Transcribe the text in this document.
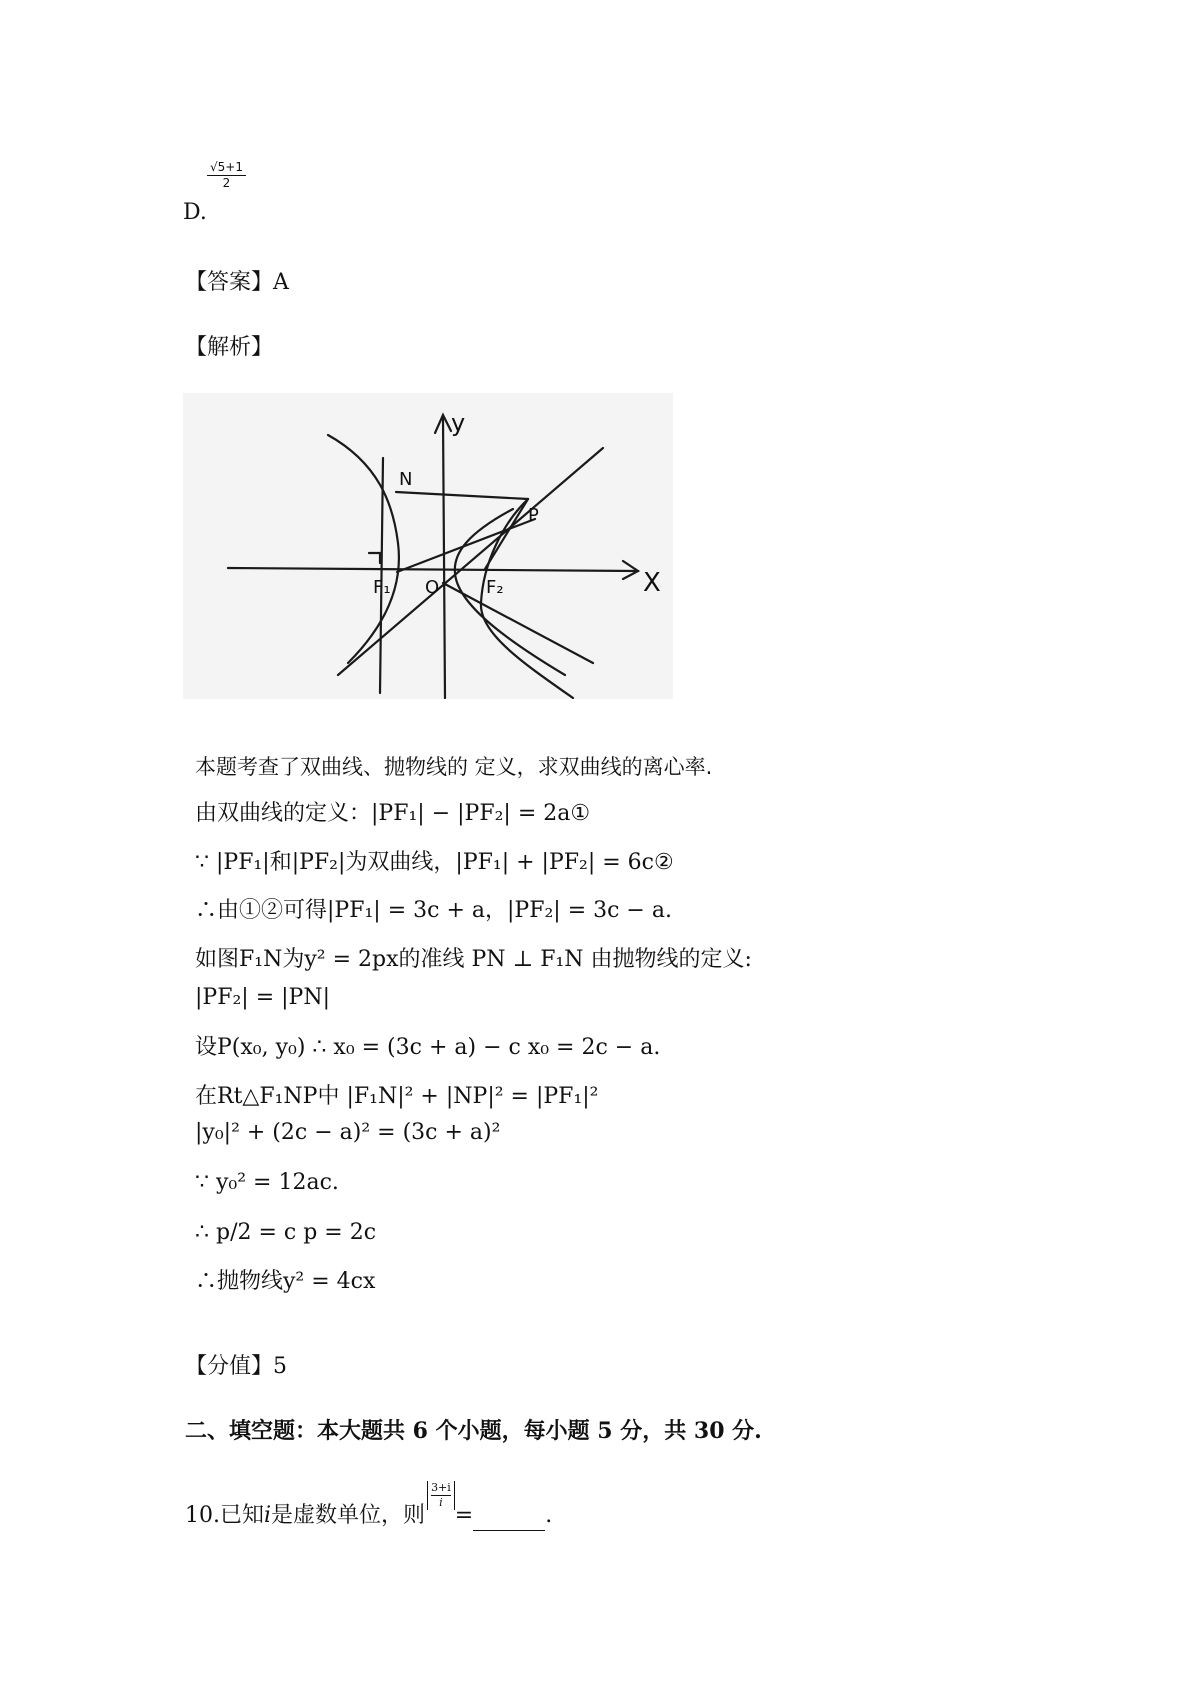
$\frac{√5+1}{2}$
D.
【答案】A
【解析】
N
P
F₁ O	F₂	X
y
本题考查了双曲线、抛物线的 定义，求双曲线的离心率.
由双曲线的定义：|PF₁| − |PF₂| = 2a①
∵ |PF₁|和|PF₂|为双曲线，|PF₁| + |PF₂| = 6c②
∴由①②可得|PF₁| = 3c + a，|PF₂| = 3c − a.
如图F₁N为y² = 2px的准线 PN ⊥ F₁N 由抛物线的定义:
|PF₂| = |PN|
设P(x₀, y₀) ∴ x₀ = (3c + a) − c x₀ = 2c − a.
在Rt△F₁NP中 |F₁N|² + |NP|² = |PF₁|²
|y₀|² + (2c − a)² = (3c + a)²
∵ y₀² = 12ac.
∴ p/2 = c p = 2c
∴抛物线y² = 4cx
【分值】5
二、填空题：本大题共 6 个小题，每小题 5 分，共 30 分.
10.已知i是虚数单位，则
$\frac{3+i}{i}$
=	.
